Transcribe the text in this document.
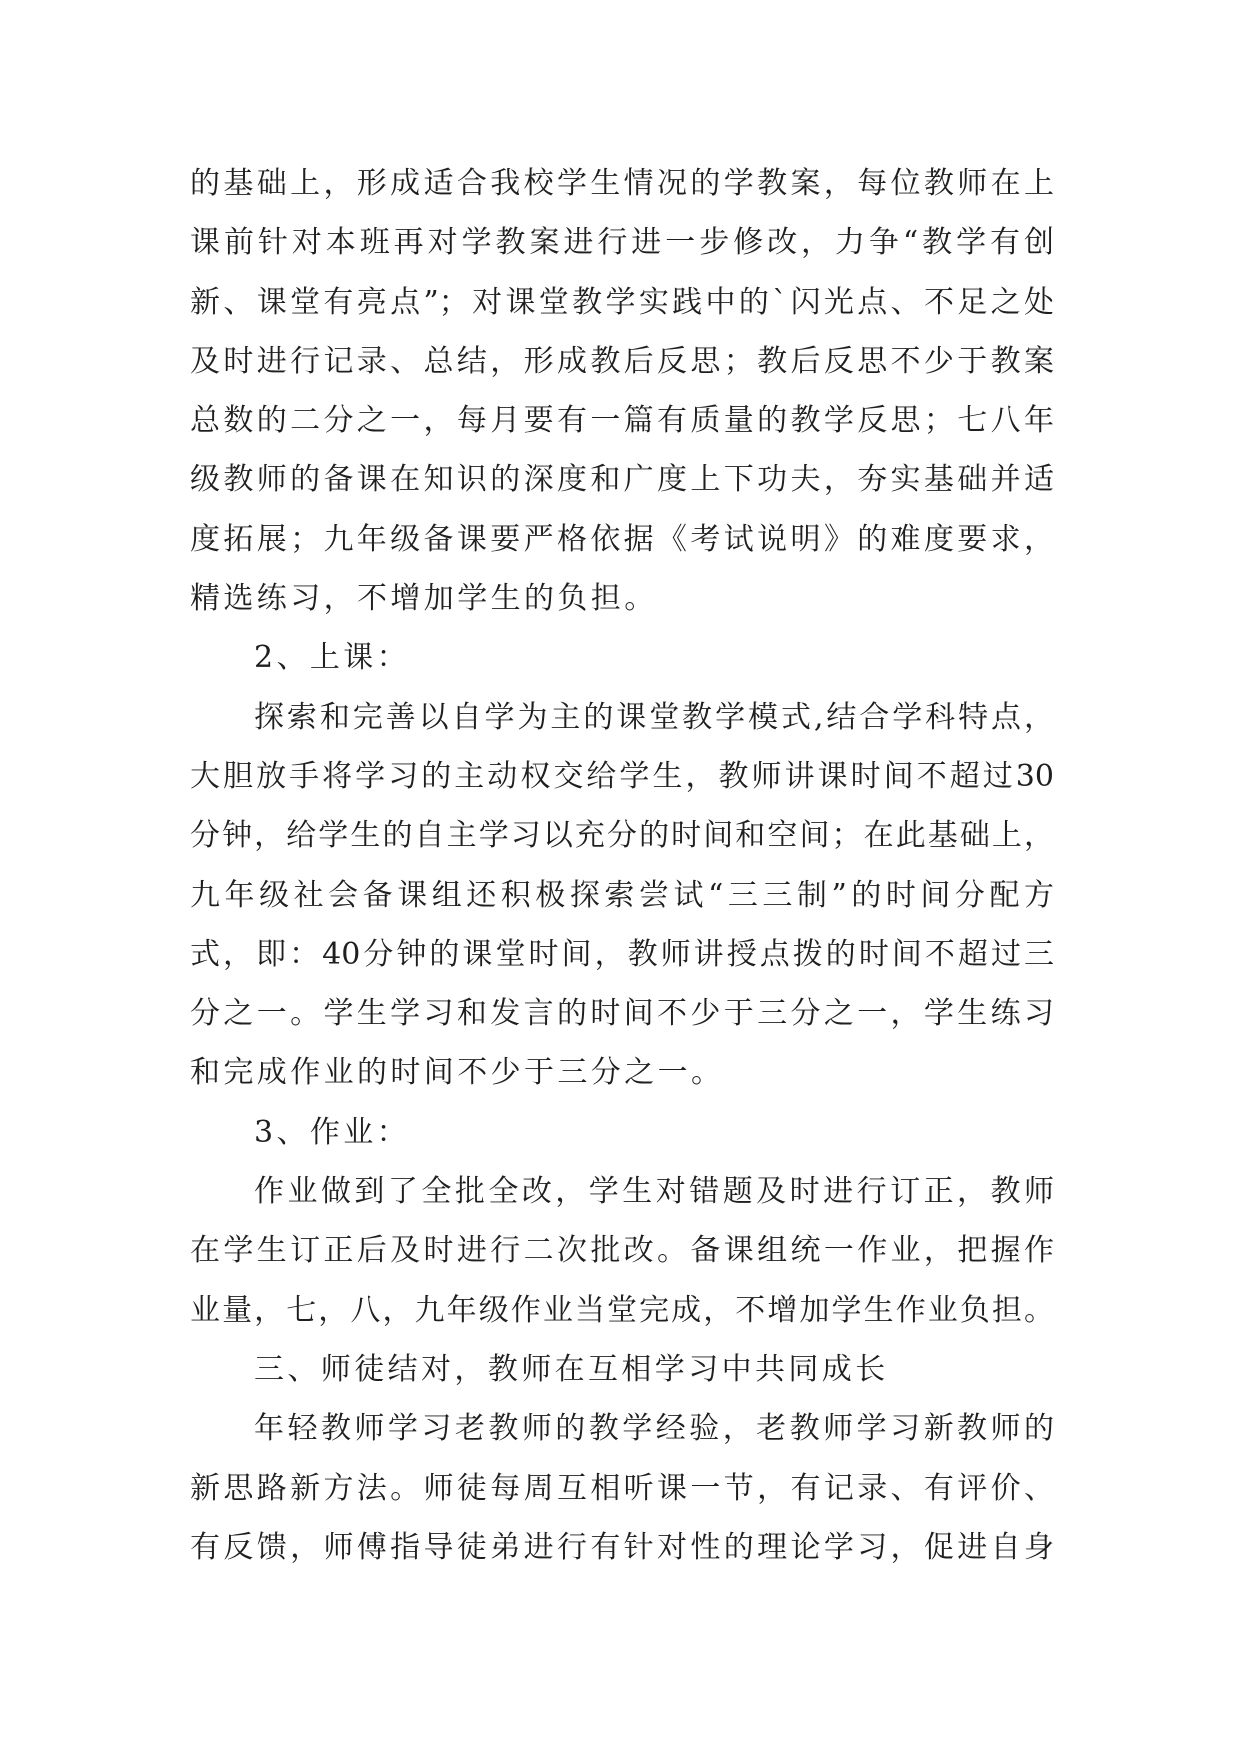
的基础上，形成适合我校学生情况的学教案，每位教师在上
课前针对本班再对学教案进行进一步修改，力争“教学有创
新、课堂有亮点”；对课堂教学实践中的`闪光点、不足之处
及时进行记录、总结，形成教后反思；教后反思不少于教案
总数的二分之一，每月要有一篇有质量的教学反思；七八年
级教师的备课在知识的深度和广度上下功夫，夯实基础并适
度拓展；九年级备课要严格依据《考试说明》的难度要求，
精选练习，不增加学生的负担。
2、上课：
探索和完善以自学为主的课堂教学模式,结合学科特点，
大胆放手将学习的主动权交给学生，教师讲课时间不超过30
分钟，给学生的自主学习以充分的时间和空间；在此基础上，
九年级社会备课组还积极探索尝试“三三制”的时间分配方
式，即：40分钟的课堂时间，教师讲授点拨的时间不超过三
分之一。学生学习和发言的时间不少于三分之一，学生练习
和完成作业的时间不少于三分之一。
3、作业：
作业做到了全批全改，学生对错题及时进行订正，教师
在学生订正后及时进行二次批改。备课组统一作业，把握作
业量，七，八，九年级作业当堂完成，不增加学生作业负担。
三、师徒结对，教师在互相学习中共同成长
年轻教师学习老教师的教学经验，老教师学习新教师的
新思路新方法。师徒每周互相听课一节，有记录、有评价、
有反馈，师傅指导徒弟进行有针对性的理论学习，促进自身
